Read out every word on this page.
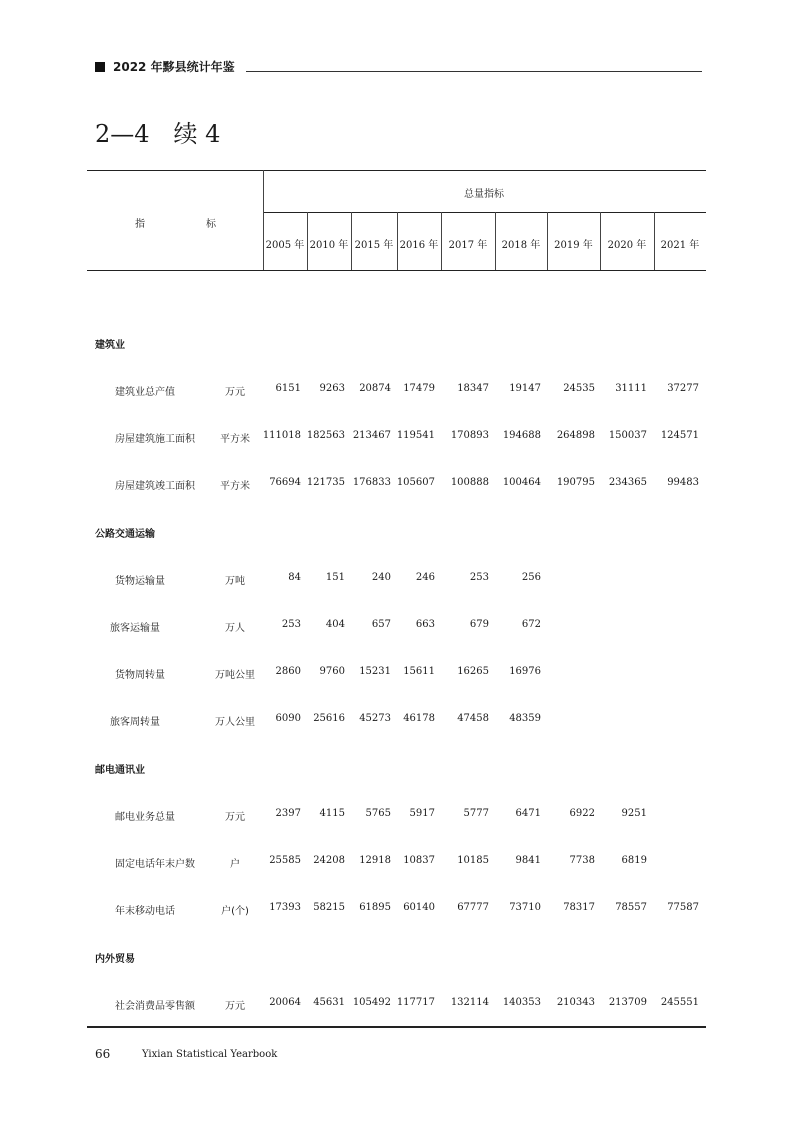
2022 年黟县统计年鉴
2—4　续 4
总量指标
指	标
2005 年 2010 年 2015 年 2016 年	2017 年	2018 年	2019 年	2020 年	2021 年
建筑业
建筑业总产值	万元	6151	9263	20874	17479	18347	19147	24535	31111	37277
房屋建筑施工面积	平方米	111018 182563 213467 119541	170893	194688	264898	150037	124571
房屋建筑竣工面积	平方米	76694 121735 176833 105607	100888	100464	190795	234365	99483
公路交通运输
货物运输量	万吨	84	151	240	246	253	256
旅客运输量	万人	253	404	657	663	679	672
货物周转量	万吨公里	2860	9760	15231	15611	16265	16976
旅客周转量	万人公里	6090	25616	45273	46178	47458	48359
邮电通讯业
邮电业务总量	万元	2397	4115	5765	5917	5777	6471	6922	9251
固定电话年末户数	户	25585	24208	12918	10837	10185	9841	7738	6819
年末移动电话	户(个)	17393	58215	61895	60140	67777	73710	78317	78557	77587
内外贸易
社会消费品零售额	万元	20064	45631 105492 117717	132114	140353	210343	213709	245551
66	Yixian Statistical Yearbook
